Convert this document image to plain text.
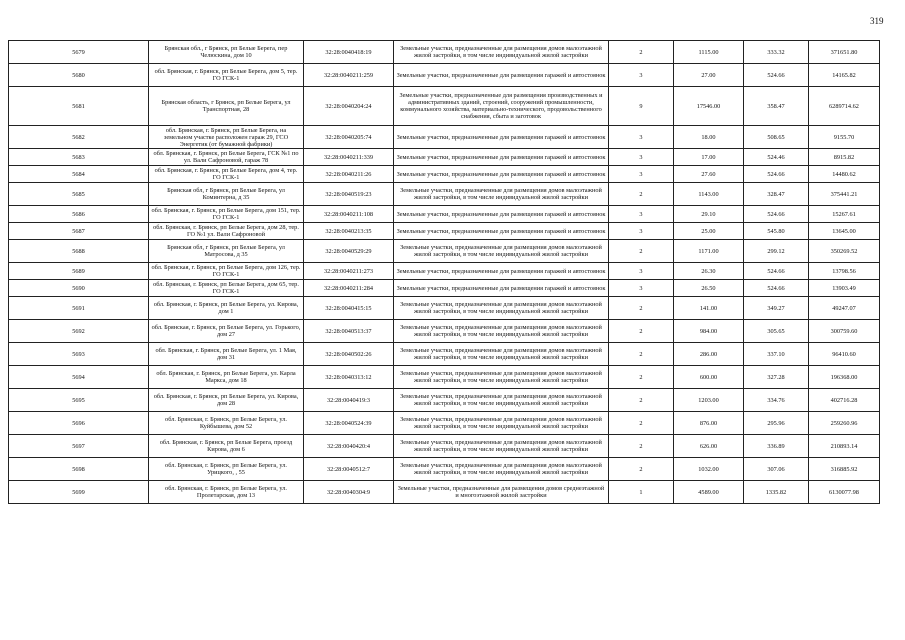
319
5679	Брянская обл., г Брянск, рп Белые Берега, пер Челюскина, дом 10	32:28:0040418:19	Земельные участки, предназначенные для размещения домов малоэтажной жилой застройки, в том числе индивидуальной жилой застройки	2	1115.00	333.32	371651.80
5680	обл. Брянская, г. Брянск, рп Белые Берега, дом 5, тер. ГО ГСК-1	32:28:0040211:259	Земельные участки, предназначенные для размещения гаражей и автостоянок	3	27.00	524.66	14165.82
5681	Брянская область, г Брянск, рп Белые Берега, ул Транспортная, 28	32:28:0040204:24	Земельные участки, предназначенные для размещения производственных и административных зданий, строений, сооружений промышленности, коммунального хозяйства, материально-технического, продовольственного снабжения, сбыта и заготовок	9	17546.00	358.47	6289714.62
5682	обл. Брянская, г. Брянск, рп Белые Берега, на земельном участке расположен гараж 29, ГСО Энергетик (от бумажной фабрики)	32:28:0040205:74	Земельные участки, предназначенные для размещения гаражей и автостоянок	3	18.00	508.65	9155.70
5683	обл. Брянская, г. Брянск, рп Белые Берега, ГСК №1 по ул. Вали Сафроновой, гараж 78	32:28:0040211:339	Земельные участки, предназначенные для размещения гаражей и автостоянок	3	17.00	524.46	8915.82
5684	обл. Брянская, г. Брянск, рп Белые Берега, дом 4, тер. ГО ГСК-1	32:28:0040211:26	Земельные участки, предназначенные для размещения гаражей и автостоянок	3	27.60	524.66	14480.62
5685	Брянская обл, г Брянск, рп Белые Берега, ул Коминтерна, д 35	32:28:0040519:23	Земельные участки, предназначенные для размещения домов малоэтажной жилой застройки, в том числе индивидуальной жилой застройки	2	1143.00	328.47	375441.21
5686	обл. Брянская, г. Брянск, рп Белые Берега, дом 151, тер. ГО ГСК-1	32:28:0040211:108	Земельные участки, предназначенные для размещения гаражей и автостоянок	3	29.10	524.66	15267.61
5687	обл. Брянская, г. Брянск, рп Белые Берега, дом 28, тер. ГО №1 ул. Вали Сафроновой	32:28:0040213:35	Земельные участки, предназначенные для размещения гаражей и автостоянок	3	25.00	545.80	13645.00
5688	Брянская обл, г Брянск, рп Белые Берега, ул Матросова, д 35	32:28:0040529:29	Земельные участки, предназначенные для размещения домов малоэтажной жилой застройки, в том числе индивидуальной жилой застройки	2	1171.00	299.12	350269.52
5689	обл. Брянская, г. Брянск, рп Белые Берега, дом 126, тер. ГО ГСК-1	32:28:0040211:273	Земельные участки, предназначенные для размещения гаражей и автостоянок	3	26.30	524.66	13798.56
5690	обл. Брянская, г. Брянск, рп Белые Берега, дом 65, тер. ГО ГСК-1	32:28:0040211:284	Земельные участки, предназначенные для размещения гаражей и автостоянок	3	26.50	524.66	13903.49
5691	обл. Брянская, г. Брянск, рп Белые Берега, ул. Кирова, дом 1	32:28:0040415:15	Земельные участки, предназначенные для размещения домов малоэтажной жилой застройки, в том числе индивидуальной жилой застройки	2	141.00	349.27	49247.07
5692	обл. Брянская, г. Брянск, рп Белые Берега, ул. Горького, дом 27	32:28:0040513:37	Земельные участки, предназначенные для размещения домов малоэтажной жилой застройки, в том числе индивидуальной жилой застройки	2	984.00	305.65	300759.60
5693	обл. Брянская, г. Брянск, рп Белые Берега, ул. 1 Мая, дом 31	32:28:0040502:26	Земельные участки, предназначенные для размещения домов малоэтажной жилой застройки, в том числе индивидуальной жилой застройки	2	286.00	337.10	96410.60
5694	обл. Брянская, г. Брянск, рп Белые Берега, ул. Карла Маркса, дом 18	32:28:0040313:12	Земельные участки, предназначенные для размещения домов малоэтажной жилой застройки, в том числе индивидуальной жилой застройки	2	600.00	327.28	196368.00
5695	обл. Брянская, г. Брянск, рп Белые Берега, ул. Кирова, дом 28	32:28:0040419:3	Земельные участки, предназначенные для размещения домов малоэтажной жилой застройки, в том числе индивидуальной жилой застройки	2	1203.00	334.76	402716.28
5696	обл. Брянская, г. Брянск, рп Белые Берега, ул. Куйбышева, дом 52	32:28:0040524:39	Земельные участки, предназначенные для размещения домов малоэтажной жилой застройки, в том числе индивидуальной жилой застройки	2	876.00	295.96	259260.96
5697	обл. Брянская, г. Брянск, рп Белые Берега, проезд Кирова, дом 6	32:28:0040420:4	Земельные участки, предназначенные для размещения домов малоэтажной жилой застройки, в том числе индивидуальной жилой застройки	2	626.00	336.89	210893.14
5698	обл. Брянская, г. Брянск, рп Белые Берега, ул. Урицкого, , 55	32:28:0040512:7	Земельные участки, предназначенные для размещения домов малоэтажной жилой застройки, в том числе индивидуальной жилой застройки	2	1032.00	307.06	316885.92
5699	обл. Брянская, г. Брянск, рп Белые Берега, ул. Пролетарская, дом 13	32:28:0040304:9	Земельные участки, предназначенные для размещения домов среднеэтажной и многоэтажной жилой застройки	1	4589.00	1335.82	6130077.98
